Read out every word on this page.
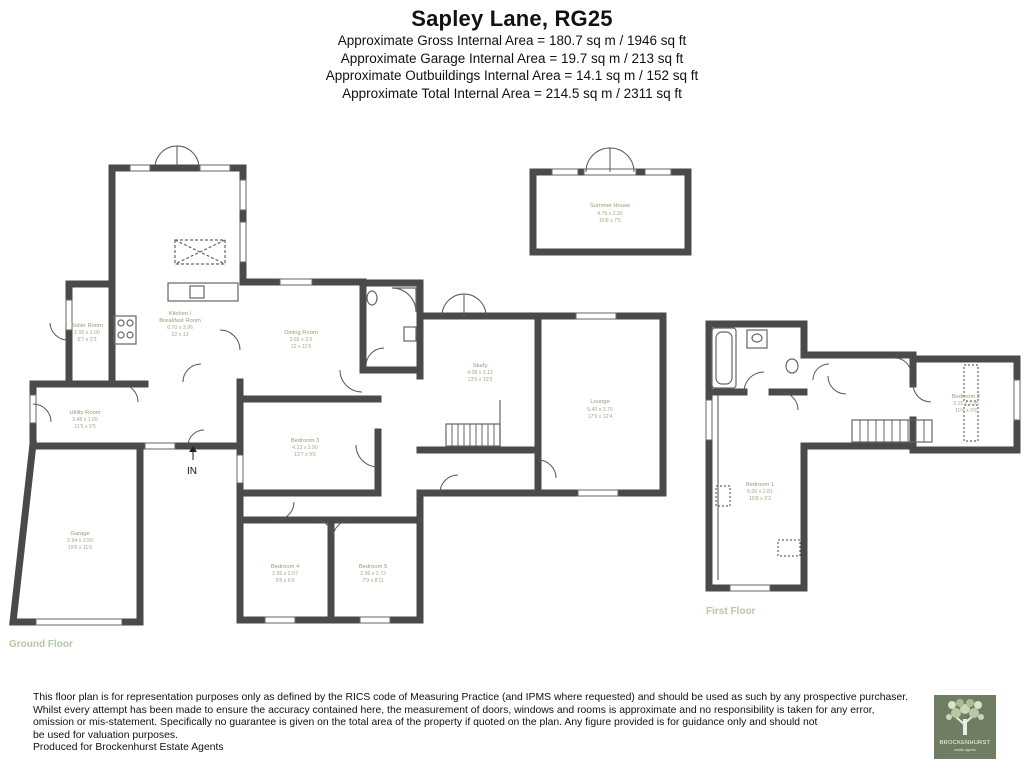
Sapley Lane, RG25
Approximate Gross Internal Area = 180.7 sq m / 1946 sq ft
Approximate Garage Internal Area = 19.7 sq m / 213 sq ft
Approximate Outbuildings Internal Area = 14.1 sq m / 152 sq ft
Approximate Total Internal Area = 214.5 sq m / 2311 sq ft
Summer House
4.76 x 2.26
15'8 x 7'5
Kitchen /
Breakfast Room
6.70 x 3.96
22 x 13
Boiler Room
2.00 x 1.00
6'7 x 3'3
Dining Room
3.65 x 3.5
12 x 11'6
Study
4.08 x 3.12
13'5 x 10'3
Lounge
5.40 x 3.75
17'9 x 12'4
Utility Room
3.48 x 1.66
11'5 x 5'5
Bedroom 3
4.13 x 2.90
13'7 x 9'6
Garage
5.94 x 3.50
19'6 x 11'6
Bedroom 4
2.95 x 2.07
9'8 x 6'9
Bedroom 5
2.36 x 2.72
7'9 x 8'11
IN
Ground Floor
Bedroom 2
3.15 x 2.95
10'4 x 9'8
Bedroom 1
6.00 x 2.81
19'8 x 9'3
First Floor
This floor plan is for representation purposes only as defined by the RICS code of Measuring Practice (and IPMS where requested) and should be used as such by any prospective purchaser.
Whilst every attempt has been made to ensure the accuracy contained here, the measurement of doors, windows and rooms is approximate and no responsibility is taken for any error,
omission or mis-statement. Specifically no guarantee is given on the total area of the property if quoted on the plan. Any figure provided is for guidance only and should not
be used for valuation purposes.
Produced for Brockenhurst Estate Agents	BROCKENHURST
estate agents
